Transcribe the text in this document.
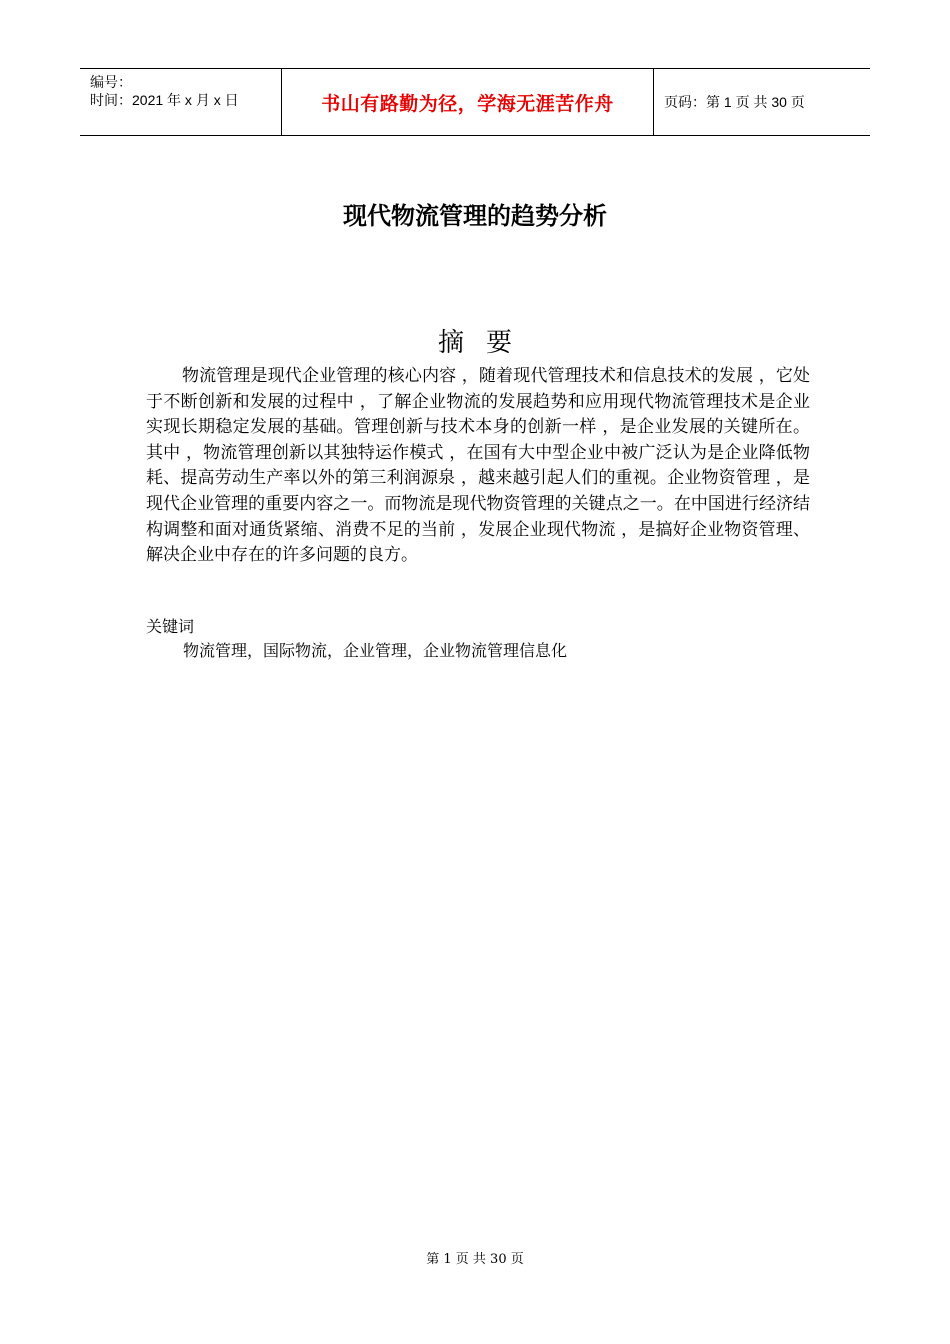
编号：
时间：2021 年 x 月 x 日	书山有路勤为径，学海无涯苦作舟	页码：第 1 页 共 30 页
现代物流管理的趋势分析
摘要
物流管理是现代企业管理的核心内容 ，随着现代管理技术和信息技术的发展 ，它处于不断创新和发展的过程中 ，了解企业物流的发展趋势和应用现代物流管理技术是企业实现长期稳定发展的基础。管理创新与技术本身的创新一样 ，是企业发展的关键所在。其中 ，物流管理创新以其独特运作模式 ，在国有大中型企业中被广泛认为是企业降低物耗、提高劳动生产率以外的第三利润源泉 ，越来越引起人们的重视。企业物资管理 ，是现代企业管理的重要内容之一。而物流是现代物资管理的关键点之一。在中国进行经济结构调整和面对通货紧缩、消费不足的当前 ，发展企业现代物流 ，是搞好企业物资管理、解决企业中存在的许多问题的良方。
关键词
物流管理，国际物流，企业管理，企业物流管理信息化
第 1 页 共 30 页
